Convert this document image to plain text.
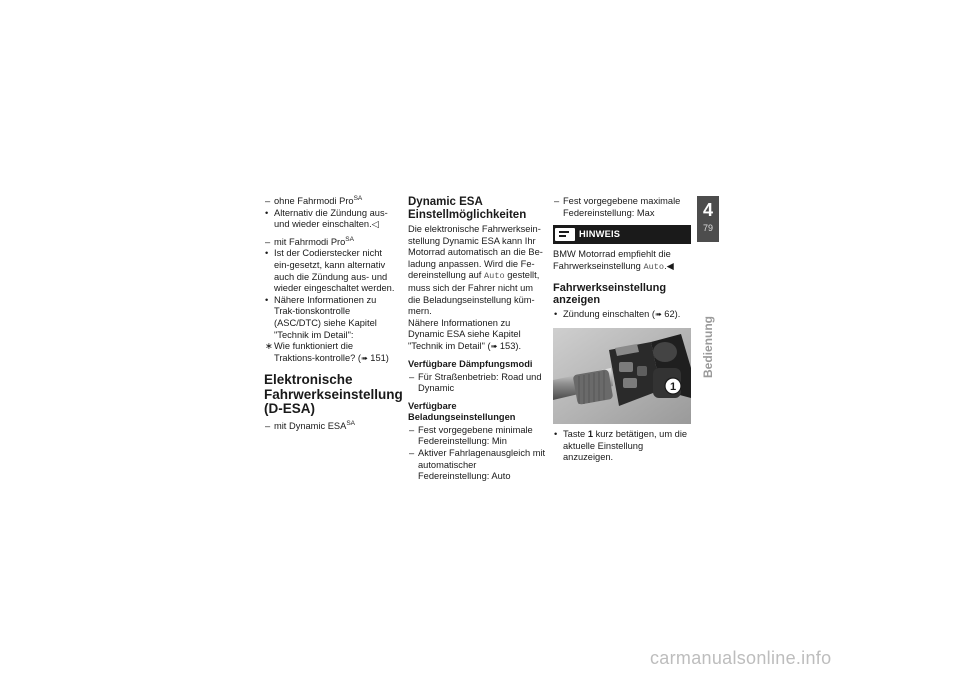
– ohne Fahrmodi Pro$^{SA}$

• Alternativ die Zündung aus- und wieder einschalten.◁

– mit Fahrmodi Pro$^{SA}$

• Ist der Codierstecker nicht ein-gesetzt, kann alternativ auch die Zündung aus- und wieder eingeschaltet werden.

• Nähere Informationen zu Trak-tionskontrolle (ASC/DTC) siehe Kapitel "Technik im Detail":

∗ Wie funktioniert die Traktions-kontrolle? (➠ 151)

Elektronische Fahrwerkseinstellung (D-ESA)

– mit Dynamic $ESA^{SA}$

Dynamic ESA Einstellmöglichkeiten

Die elektronische Fahrwerksein-stellung Dynamic ESA kann Ihr Motorrad automatisch an die Be-ladung anpassen. Wird die Fe-dereinstellung auf Auto gestellt, muss sich der Fahrer nicht um die Beladungseinstellung küm-mern.

Nähere Informationen zu Dynamic ESA siehe Kapitel "Technik im Detail" (➠ 153).

Verfügbare Dämpfungsmodi

– Für Straßenbetrieb: Road und Dynamic

Verfügbare Beladungseinstellungen

– Fest vorgegebene minimale Federeinstellung: Min

– Aktiver Fahrlagenausgleich mit automatischer Federeinstellung: Auto

– Fest vorgegebene maximale Federeinstellung: Max

HINWEIS

BMW Motorrad empfiehlt die Fahrwerkseinstellung Auto.◀

Fahrwerkseinstellung anzeigen

• Zündung einschalten (➠ 62).

1

• Taste 1 kurz betätigen, um die aktuelle Einstellung anzuzeigen.

4
79
Bedienung
carmanualsonline.info
